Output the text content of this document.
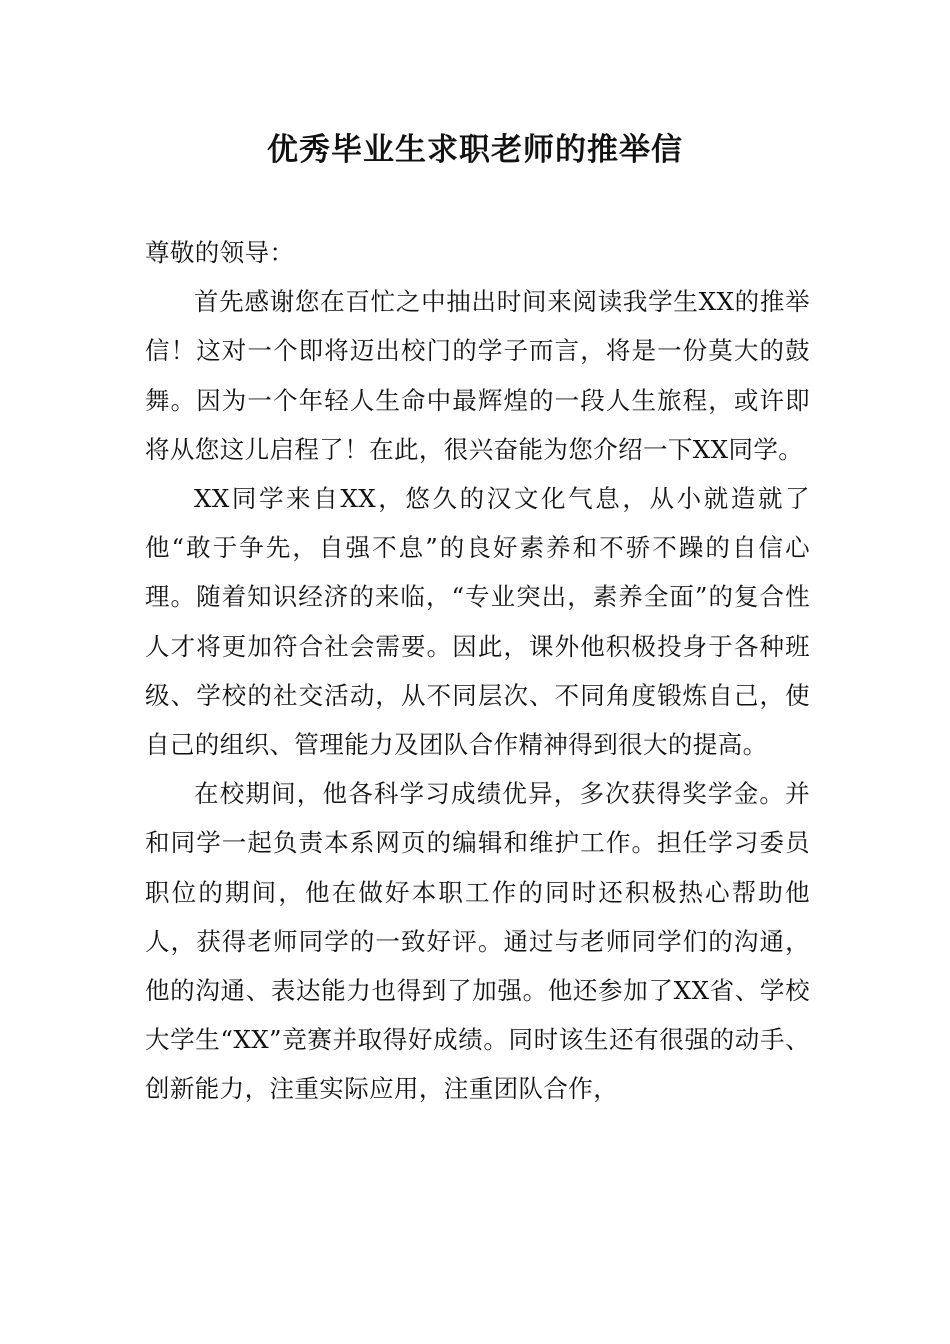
优秀毕业生求职老师的推举信

尊敬的领导：

首先感谢您在百忙之中抽出时间来阅读我学生XX的推举信！这对一个即将迈出校门的学子而言，将是一份莫大的鼓舞。因为一个年轻人生命中最辉煌的一段人生旅程，或许即将从您这儿启程了！在此，很兴奋能为您介绍一下XX同学。

XX同学来自XX，悠久的汉文化气息，从小就造就了他“敢于争先，自强不息”的良好素养和不骄不躁的自信心理。随着知识经济的来临，“专业突出，素养全面”的复合性人才将更加符合社会需要。因此，课外他积极投身于各种班级、学校的社交活动，从不同层次、不同角度锻炼自己，使自己的组织、管理能力及团队合作精神得到很大的提高。

在校期间，他各科学习成绩优异，多次获得奖学金。并和同学一起负责本系网页的编辑和维护工作。担任学习委员职位的期间，他在做好本职工作的同时还积极热心帮助他人，获得老师同学的一致好评。通过与老师同学们的沟通，他的沟通、表达能力也得到了加强。他还参加了XX省、学校大学生“XX”竞赛并取得好成绩。同时该生还有很强的动手、创新能力，注重实际应用，注重团队合作，
